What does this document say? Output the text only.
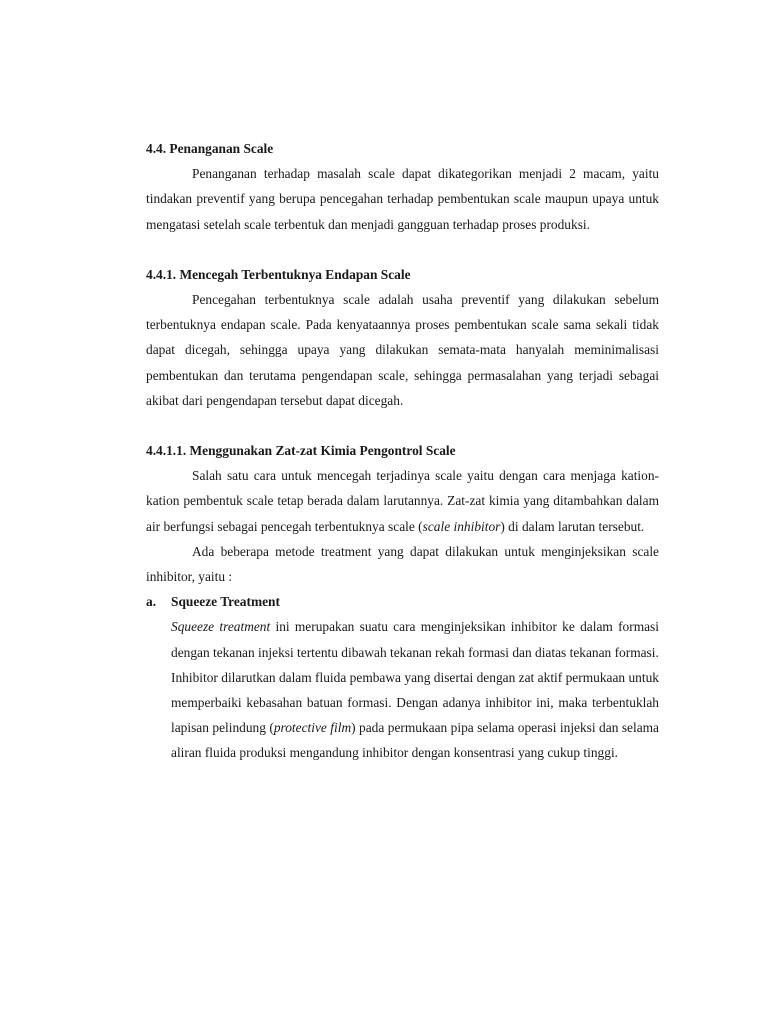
4.4. Penanganan Scale

Penanganan terhadap masalah scale dapat dikategorikan menjadi 2 macam, yaitu tindakan preventif yang berupa pencegahan terhadap pembentukan scale maupun upaya untuk mengatasi setelah scale terbentuk dan menjadi gangguan terhadap proses produksi.

4.4.1. Mencegah Terbentuknya Endapan Scale

Pencegahan terbentuknya scale adalah usaha preventif yang dilakukan sebelum terbentuknya endapan scale. Pada kenyataannya proses pembentukan scale sama sekali tidak dapat dicegah, sehingga upaya yang dilakukan semata-mata hanyalah meminimalisasi pembentukan dan terutama pengendapan scale, sehingga permasalahan yang terjadi sebagai akibat dari pengendapan tersebut dapat dicegah.

4.4.1.1. Menggunakan Zat-zat Kimia Pengontrol Scale

Salah satu cara untuk mencegah terjadinya scale yaitu dengan cara menjaga kation-kation pembentuk scale tetap berada dalam larutannya. Zat-zat kimia yang ditambahkan dalam air berfungsi sebagai pencegah terbentuknya scale (scale inhibitor) di dalam larutan tersebut.

Ada beberapa metode treatment yang dapat dilakukan untuk menginjeksikan scale inhibitor, yaitu :

a.	Squeeze Treatment

Squeeze treatment ini merupakan suatu cara menginjeksikan inhibitor ke dalam formasi dengan tekanan injeksi tertentu dibawah tekanan rekah formasi dan diatas tekanan formasi.

Inhibitor dilarutkan dalam fluida pembawa yang disertai dengan zat aktif permukaan untuk memperbaiki kebasahan batuan formasi. Dengan adanya inhibitor ini, maka terbentuklah lapisan pelindung (protective film) pada permukaan pipa selama operasi injeksi dan selama aliran fluida produksi mengandung inhibitor dengan konsentrasi yang cukup tinggi.
